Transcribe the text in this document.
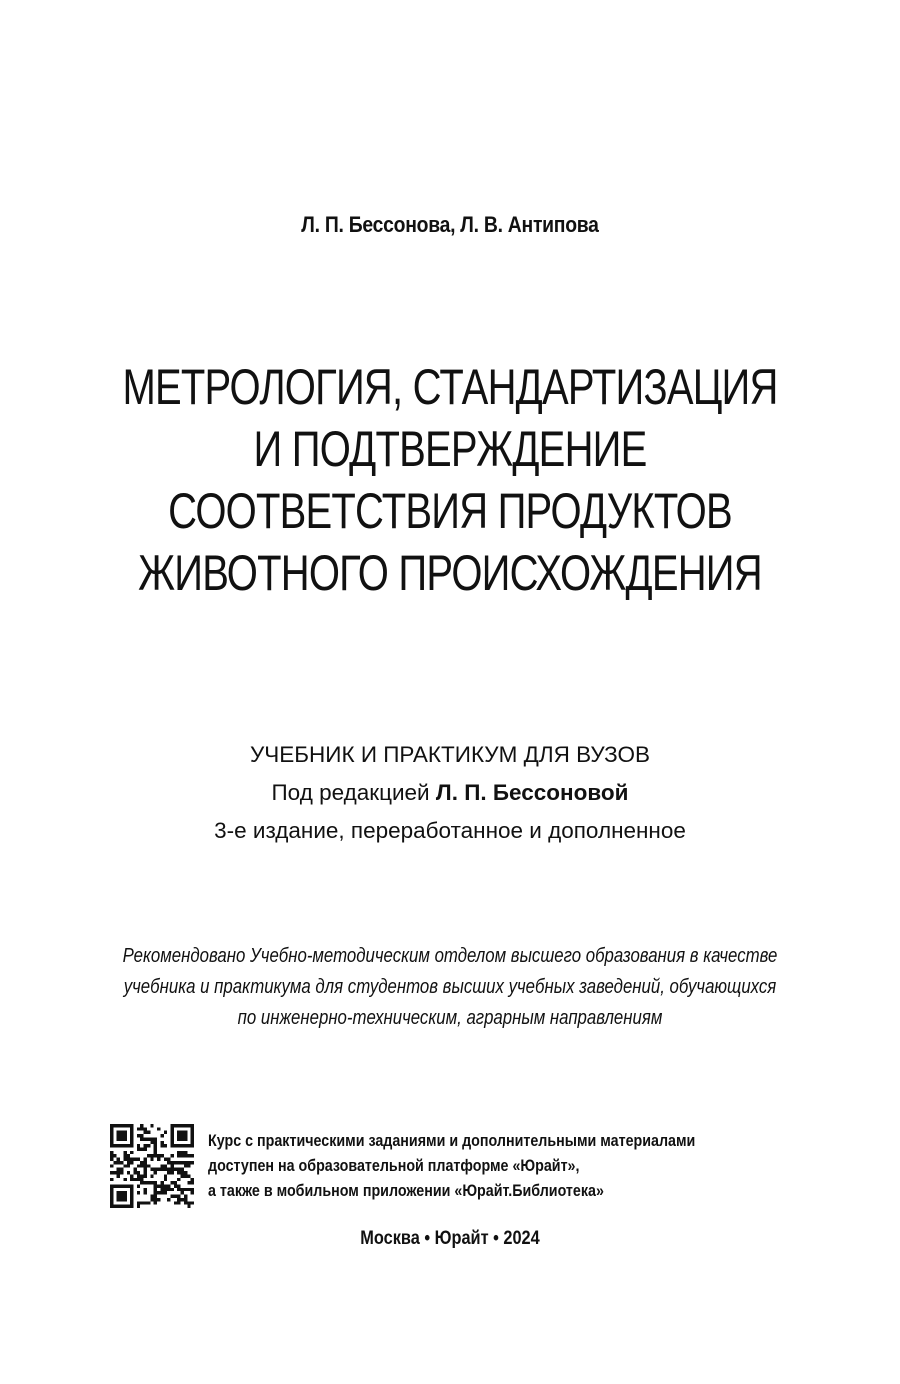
Л. П. Бессонова, Л. В. Антипова
МЕТРОЛОГИЯ, СТАНДАРТИЗАЦИЯ
И ПОДТВЕРЖДЕНИЕ
СООТВЕТСТВИЯ ПРОДУКТОВ
ЖИВОТНОГО ПРОИСХОЖДЕНИЯ
УЧЕБНИК И ПРАКТИКУМ ДЛЯ ВУЗОВ
Под редакцией Л. П. Бессоновой
3-е издание, переработанное и дополненное
Рекомендовано Учебно-методическим отделом высшего образования в качестве
учебника и практикума для студентов высших учебных заведений, обучающихся
по инженерно-техническим, аграрным направлениям
Курс с практическими заданиями и дополнительными материалами
доступен на образовательной платформе «Юрайт»,
а также в мобильном приложении «Юрайт.Библиотека»
Москва • Юрайт • 2024
